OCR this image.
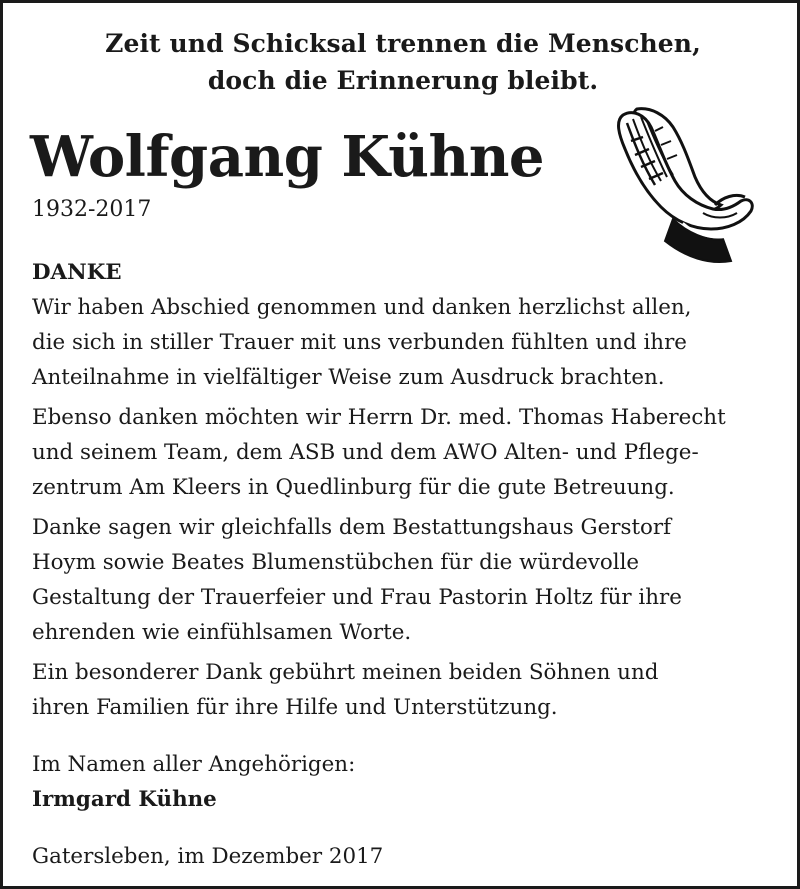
Zeit und Schicksal trennen die Menschen,
doch die Erinnerung bleibt.
Wolfgang Kühne
1932-2017
DANKE
Wir haben Abschied genommen und danken herzlichst allen,
die sich in stiller Trauer mit uns verbunden fühlten und ihre
Anteilnahme in vielfältiger Weise zum Ausdruck brachten.
Ebenso danken möchten wir Herrn Dr. med. Thomas Haberecht
und seinem Team, dem ASB und dem AWO Alten- und Pflege-
zentrum Am Kleers in Quedlinburg für die gute Betreuung.
Danke sagen wir gleichfalls dem Bestattungshaus Gerstorf
Hoym sowie Beates Blumenstübchen für die würdevolle
Gestaltung der Trauerfeier und Frau Pastorin Holtz für ihre
ehrenden wie einfühlsamen Worte.
Ein besonderer Dank gebührt meinen beiden Söhnen und
ihren Familien für ihre Hilfe und Unterstützung.
Im Namen aller Angehörigen:
Irmgard Kühne
Gatersleben, im Dezember 2017
